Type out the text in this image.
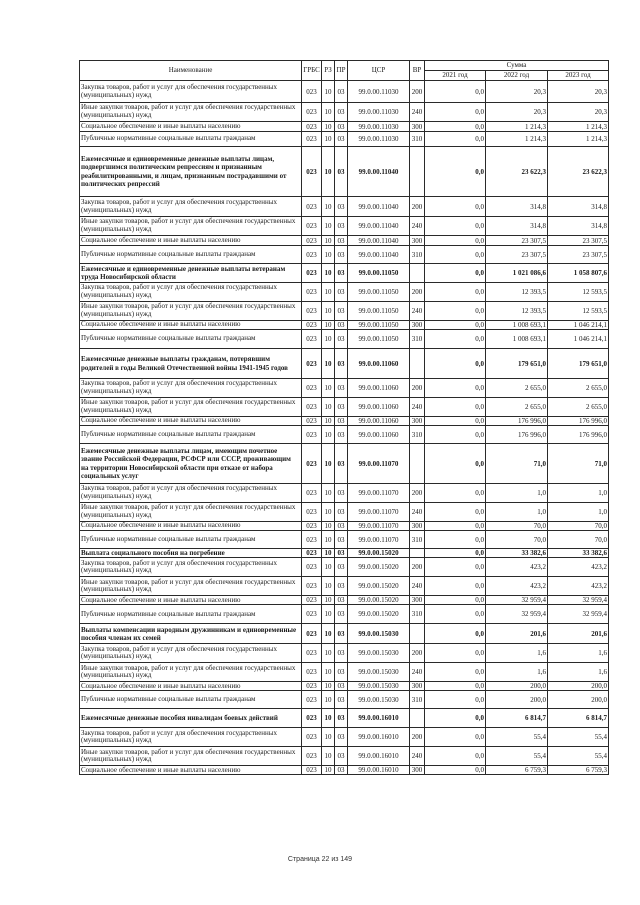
Наименование	ГРБС	РЗ	ПР	ЦСР	ВР	Сумма		
						2021 год	2022 год	2023 год
Закупка товаров, работ и услуг для обеспечения государственных (муниципальных) нужд	023	10	03	99.0.00.11030	200	0,0	20,3	20,3
Иные закупки товаров, работ и услуг для обеспечения государственных (муниципальных) нужд	023	10	03	99.0.00.11030	240	0,0	20,3	20,3
Социальное обеспечение и иные выплаты населению	023	10	03	99.0.00.11030	300	0,0	1 214,3	1 214,3
Публичные нормативные социальные выплаты гражданам	023	10	03	99.0.00.11030	310	0,0	1 214,3	1 214,3
Ежемесячные и единовременные денежные выплаты лицам, подвергшимся политическим репрессиям и признанным реабилитированными, и лицам, признанным пострадавшими от политических репрессий	023	10	03	99.0.00.11040		0,0	23 622,3	23 622,3
Закупка товаров, работ и услуг для обеспечения государственных (муниципальных) нужд	023	10	03	99.0.00.11040	200	0,0	314,8	314,8
Иные закупки товаров, работ и услуг для обеспечения государственных (муниципальных) нужд	023	10	03	99.0.00.11040	240	0,0	314,8	314,8
Социальное обеспечение и иные выплаты населению	023	10	03	99.0.00.11040	300	0,0	23 307,5	23 307,5
Публичные нормативные социальные выплаты гражданам	023	10	03	99.0.00.11040	310	0,0	23 307,5	23 307,5
Ежемесячные и единовременные денежные выплаты ветеранам труда Новосибирской области	023	10	03	99.0.00.11050		0,0	1 021 086,6	1 058 807,6
Закупка товаров, работ и услуг для обеспечения государственных (муниципальных) нужд	023	10	03	99.0.00.11050	200	0,0	12 393,5	12 593,5
Иные закупки товаров, работ и услуг для обеспечения государственных (муниципальных) нужд	023	10	03	99.0.00.11050	240	0,0	12 393,5	12 593,5
Социальное обеспечение и иные выплаты населению	023	10	03	99.0.00.11050	300	0,0	1 008 693,1	1 046 214,1
Публичные нормативные социальные выплаты гражданам	023	10	03	99.0.00.11050	310	0,0	1 008 693,1	1 046 214,1
Ежемесячные денежные выплаты гражданам, потерявшим родителей в годы Великой Отечественной войны 1941-1945 годов	023	10	03	99.0.00.11060		0,0	179 651,0	179 651,0
Закупка товаров, работ и услуг для обеспечения государственных (муниципальных) нужд	023	10	03	99.0.00.11060	200	0,0	2 655,0	2 655,0
Иные закупки товаров, работ и услуг для обеспечения государственных (муниципальных) нужд	023	10	03	99.0.00.11060	240	0,0	2 655,0	2 655,0
Социальное обеспечение и иные выплаты населению	023	10	03	99.0.00.11060	300	0,0	176 996,0	176 996,0
Публичные нормативные социальные выплаты гражданам	023	10	03	99.0.00.11060	310	0,0	176 996,0	176 996,0
Ежемесячные денежные выплаты лицам, имеющим почетное звание Российской Федерации, РСФСР или СССР, проживающим на территории Новосибирской области при отказе от набора социальных услуг	023	10	03	99.0.00.11070		0,0	71,0	71,0
Закупка товаров, работ и услуг для обеспечения государственных (муниципальных) нужд	023	10	03	99.0.00.11070	200	0,0	1,0	1,0
Иные закупки товаров, работ и услуг для обеспечения государственных (муниципальных) нужд	023	10	03	99.0.00.11070	240	0,0	1,0	1,0
Социальное обеспечение и иные выплаты населению	023	10	03	99.0.00.11070	300	0,0	70,0	70,0
Публичные нормативные социальные выплаты гражданам	023	10	03	99.0.00.11070	310	0,0	70,0	70,0
Выплата социального пособия на погребение	023	10	03	99.0.00.15020		0,0	33 382,6	33 382,6
Закупка товаров, работ и услуг для обеспечения государственных (муниципальных) нужд	023	10	03	99.0.00.15020	200	0,0	423,2	423,2
Иные закупки товаров, работ и услуг для обеспечения государственных (муниципальных) нужд	023	10	03	99.0.00.15020	240	0,0	423,2	423,2
Социальное обеспечение и иные выплаты населению	023	10	03	99.0.00.15020	300	0,0	32 959,4	32 959,4
Публичные нормативные социальные выплаты гражданам	023	10	03	99.0.00.15020	310	0,0	32 959,4	32 959,4
Выплаты компенсации народным дружинникам и единовременные пособия членам их семей	023	10	03	99.0.00.15030		0,0	201,6	201,6
Закупка товаров, работ и услуг для обеспечения государственных (муниципальных) нужд	023	10	03	99.0.00.15030	200	0,0	1,6	1,6
Иные закупки товаров, работ и услуг для обеспечения государственных (муниципальных) нужд	023	10	03	99.0.00.15030	240	0,0	1,6	1,6
Социальное обеспечение и иные выплаты населению	023	10	03	99.0.00.15030	300	0,0	200,0	200,0
Публичные нормативные социальные выплаты гражданам	023	10	03	99.0.00.15030	310	0,0	200,0	200,0
Ежемесячные денежные пособия инвалидам боевых действий	023	10	03	99.0.00.16010		0,0	6 814,7	6 814,7
Закупка товаров, работ и услуг для обеспечения государственных (муниципальных) нужд	023	10	03	99.0.00.16010	200	0,0	55,4	55,4
Иные закупки товаров, работ и услуг для обеспечения государственных (муниципальных) нужд	023	10	03	99.0.00.16010	240	0,0	55,4	55,4
Социальное обеспечение и иные выплаты населению	023	10	03	99.0.00.16010	300	0,0	6 759,3	6 759,3
Страница 22 из 149
